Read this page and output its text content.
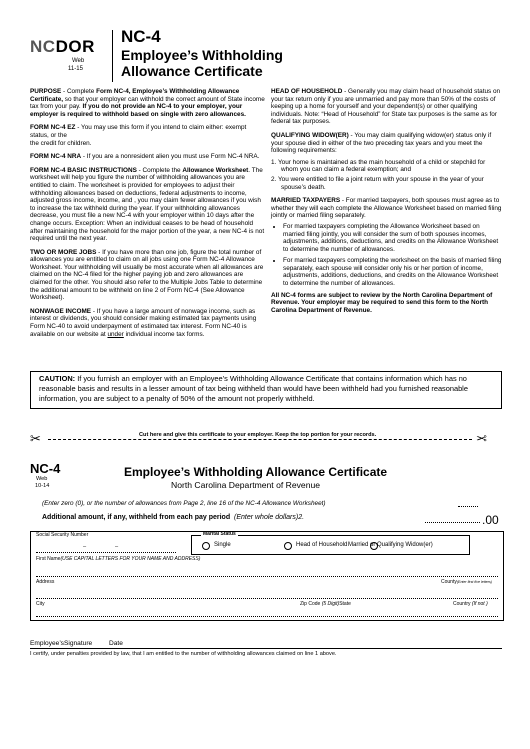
NCDOR
Web
11-15
NC-4
Employee’s Withholding
Allowance Certificate

PURPOSE - Complete Form NC-4, Employee’s Withholding Allowance Certificate, so that your employer can withhold the correct amount of State income tax from your pay. If you do not provide an NC-4 to your employer, your employer is required to withhold based on single with zero allowances.

FORM NC-4 EZ - You may use this form if you intend to claim either: exempt status, or the
the credit for children.

FORM NC-4 NRA - If you are a nonresident alien you must use Form NC-4 NRA.

FORM NC-4 BASIC INSTRUCTIONS - Complete the Allowance Worksheet. The worksheet will help you figure the number of withholding allowances you are entitled to claim. The worksheet is provided for employees to adjust their withholding allowances based on deductions, federal adjustments to income, adjusted gross income, income, and , you may claim fewer allowances if you wish to increase the tax withheld during the year. If your withholding allowances decrease, you must file a new NC-4 with your employer within 10 days after the change occurs. Exception: When an individual ceases to be head of household after maintaining the household for the major portion of the year, a new NC-4 is not required until the next year.

TWO OR MORE JOBS - If you have more than one job, figure the total number of allowances you are entitled to claim on all jobs using one Form NC-4 Allowance Worksheet. Your withholding will usually be most accurate when all allowances are claimed on the NC-4 filed for the higher paying job and zero allowances are claimed for the other. You should also refer to the Multiple Jobs Table to determine the additional amount to be withheld on line 2 of Form NC-4 (See Allowance Worksheet).

NONWAGE INCOME - If you have a large amount of nonwage income, such as interest or dividends, you should consider making estimated tax payments using Form NC-40 to avoid underpayment of estimated tax interest. Form NC-40 is available on our website at under individual income tax forms.

HEAD OF HOUSEHOLD - Generally you may claim head of household status on your tax return only if you are unmarried and pay more than 50% of the costs of keeping up a home for yourself and your dependent(s) or other qualifying individuals. Note: “Head of Household” for State tax purposes is the same as for federal tax purposes.

QUALIFYING WIDOW(ER) - You may claim qualifying widow(er) status only if your spouse died in either of the two preceding tax years and you meet the following requirements:

1. Your home is maintained as the main household of a child or stepchild for whom you can claim a federal exemption; and

2. You were entitled to file a joint return with your spouse in the year of your spouse’s death.

MARRIED TAXPAYERS - For married taxpayers, both spouses must agree as to whether they will each complete the Allowance Worksheet based on married filing jointly or married filing separately.

• For married taxpayers completing the Allowance Worksheet based on married filing jointly, you will consider the sum of both spouses incomes, adjustments, additions, deductions, and credits on the Allowance Worksheet to determine the number of allowances.
• For married taxpayers completing the worksheet on the basis of married filing separately, each spouse will consider only his or her portion of income, adjustments, additions, deductions, and credits on the Allowance Worksheet to determine the number of allowances.

All NC-4 forms are subject to review by the North Carolina Department of Revenue. Your employer may be required to send this form to the North Carolina Department of Revenue.

CAUTION: If you furnish an employer with an Employee’s Withholding Allowance Certificate that contains information which has no reasonable basis and results in a lesser amount of tax being withheld than would have been withheld had you furnished reasonable information, you are subject to a penalty of 50% of the amount not properly withheld.
✂	✂
Cut here and give this certificate to your employer. Keep the top portion for your records.
NC-4
Web
10-14
Employee’s Withholding Allowance Certificate
North Carolina Department of Revenue
(Enter zero (0), or the number of allowances from Page 2, line 16 of the NC-4 Allowance Worksheet)
Additional amount, if any, withheld from each pay period (Enter whole dollars)2.	.00
Social Security Number
–	–
Marital Status
Single	Head of Household Married or Qualifying Widow(er)
First Name(USE CAPITAL LETTERS FOR YOUR NAME AND ADDRESS)
Address	County(Enter first five letters)
City	Zip Code (5 Digit)State	Country (If not )
Employee’sSignature	Date
I certify, under penalties provided by law, that I am entitled to the number of withholding allowances claimed on line 1 above.
